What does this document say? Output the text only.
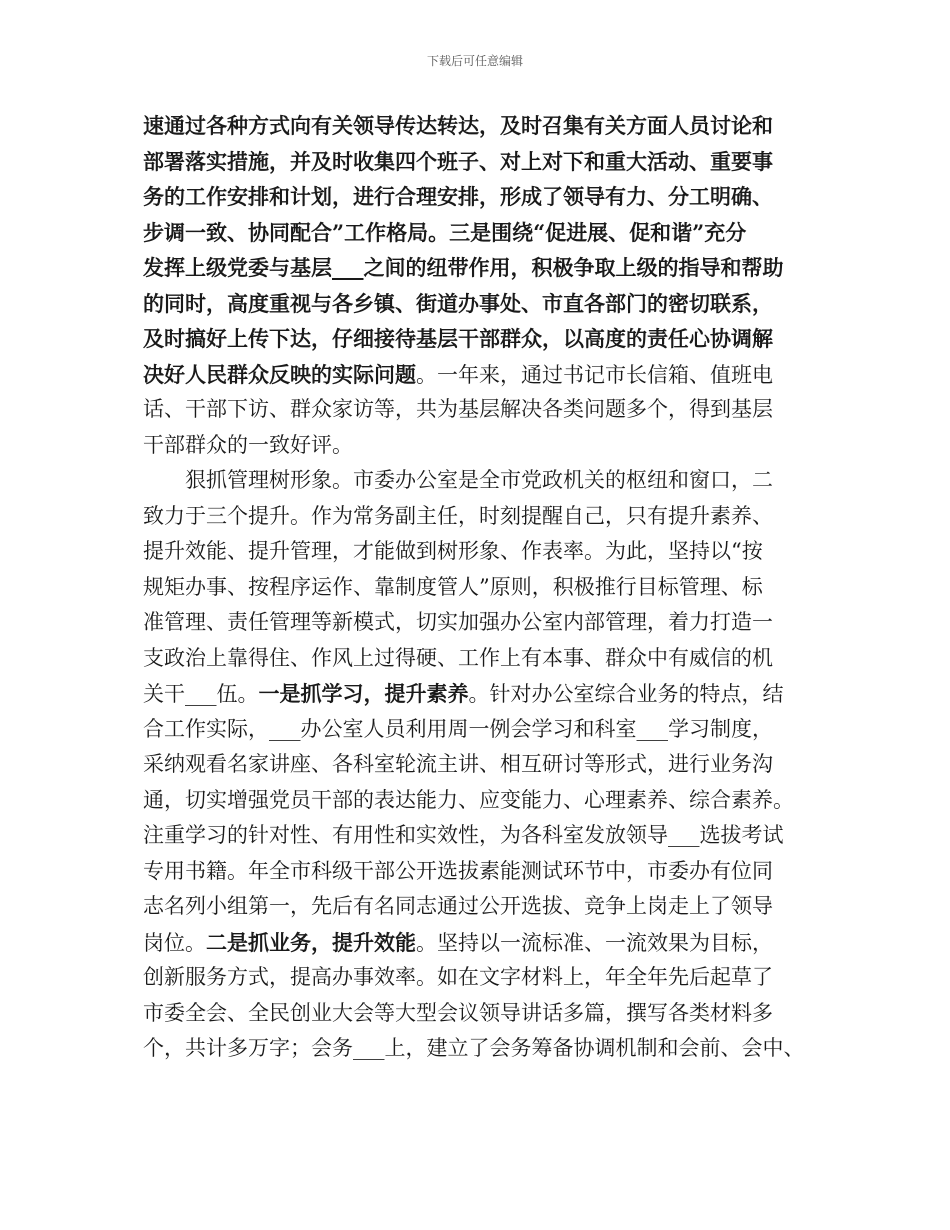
下载后可任意编辑
速通过各种方式向有关领导传达转达，及时召集有关方面人员讨论和
部署落实措施，并及时收集四个班子、对上对下和重大活动、重要事
务的工作安排和计划，进行合理安排，形成了领导有力、分工明确、
步调一致、协同配合”工作格局。三是围绕“促进展、促和谐”充分
发挥上级党委与基层___之间的纽带作用，积极争取上级的指导和帮助
的同时，高度重视与各乡镇、街道办事处、市直各部门的密切联系，
及时搞好上传下达，仔细接待基层干部群众，以高度的责任心协调解
决好人民群众反映的实际问题。一年来，通过书记市长信箱、值班电
话、干部下访、群众家访等，共为基层解决各类问题多个，得到基层
干部群众的一致好评。
狠抓管理树形象。市委办公室是全市党政机关的枢纽和窗口，二
致力于三个提升。作为常务副主任，时刻提醒自己，只有提升素养、
提升效能、提升管理，才能做到树形象、作表率。为此，坚持以“按
规矩办事、按程序运作、靠制度管人”原则，积极推行目标管理、标
准管理、责任管理等新模式，切实加强办公室内部管理，着力打造一
支政治上靠得住、作风上过得硬、工作上有本事、群众中有威信的机
关干___伍。一是抓学习，提升素养。针对办公室综合业务的特点，结
合工作实际，___办公室人员利用周一例会学习和科室___学习制度，
采纳观看名家讲座、各科室轮流主讲、相互研讨等形式，进行业务沟
通，切实增强党员干部的表达能力、应变能力、心理素养、综合素养。
注重学习的针对性、有用性和实效性，为各科室发放领导___选拔考试
专用书籍。年全市科级干部公开选拔素能测试环节中，市委办有位同
志名列小组第一，先后有名同志通过公开选拔、竞争上岗走上了领导
岗位。二是抓业务，提升效能。坚持以一流标准、一流效果为目标，
创新服务方式，提高办事效率。如在文字材料上，年全年先后起草了
市委全会、全民创业大会等大型会议领导讲话多篇，撰写各类材料多
个，共计多万字；会务___上，建立了会务筹备协调机制和会前、会中、
